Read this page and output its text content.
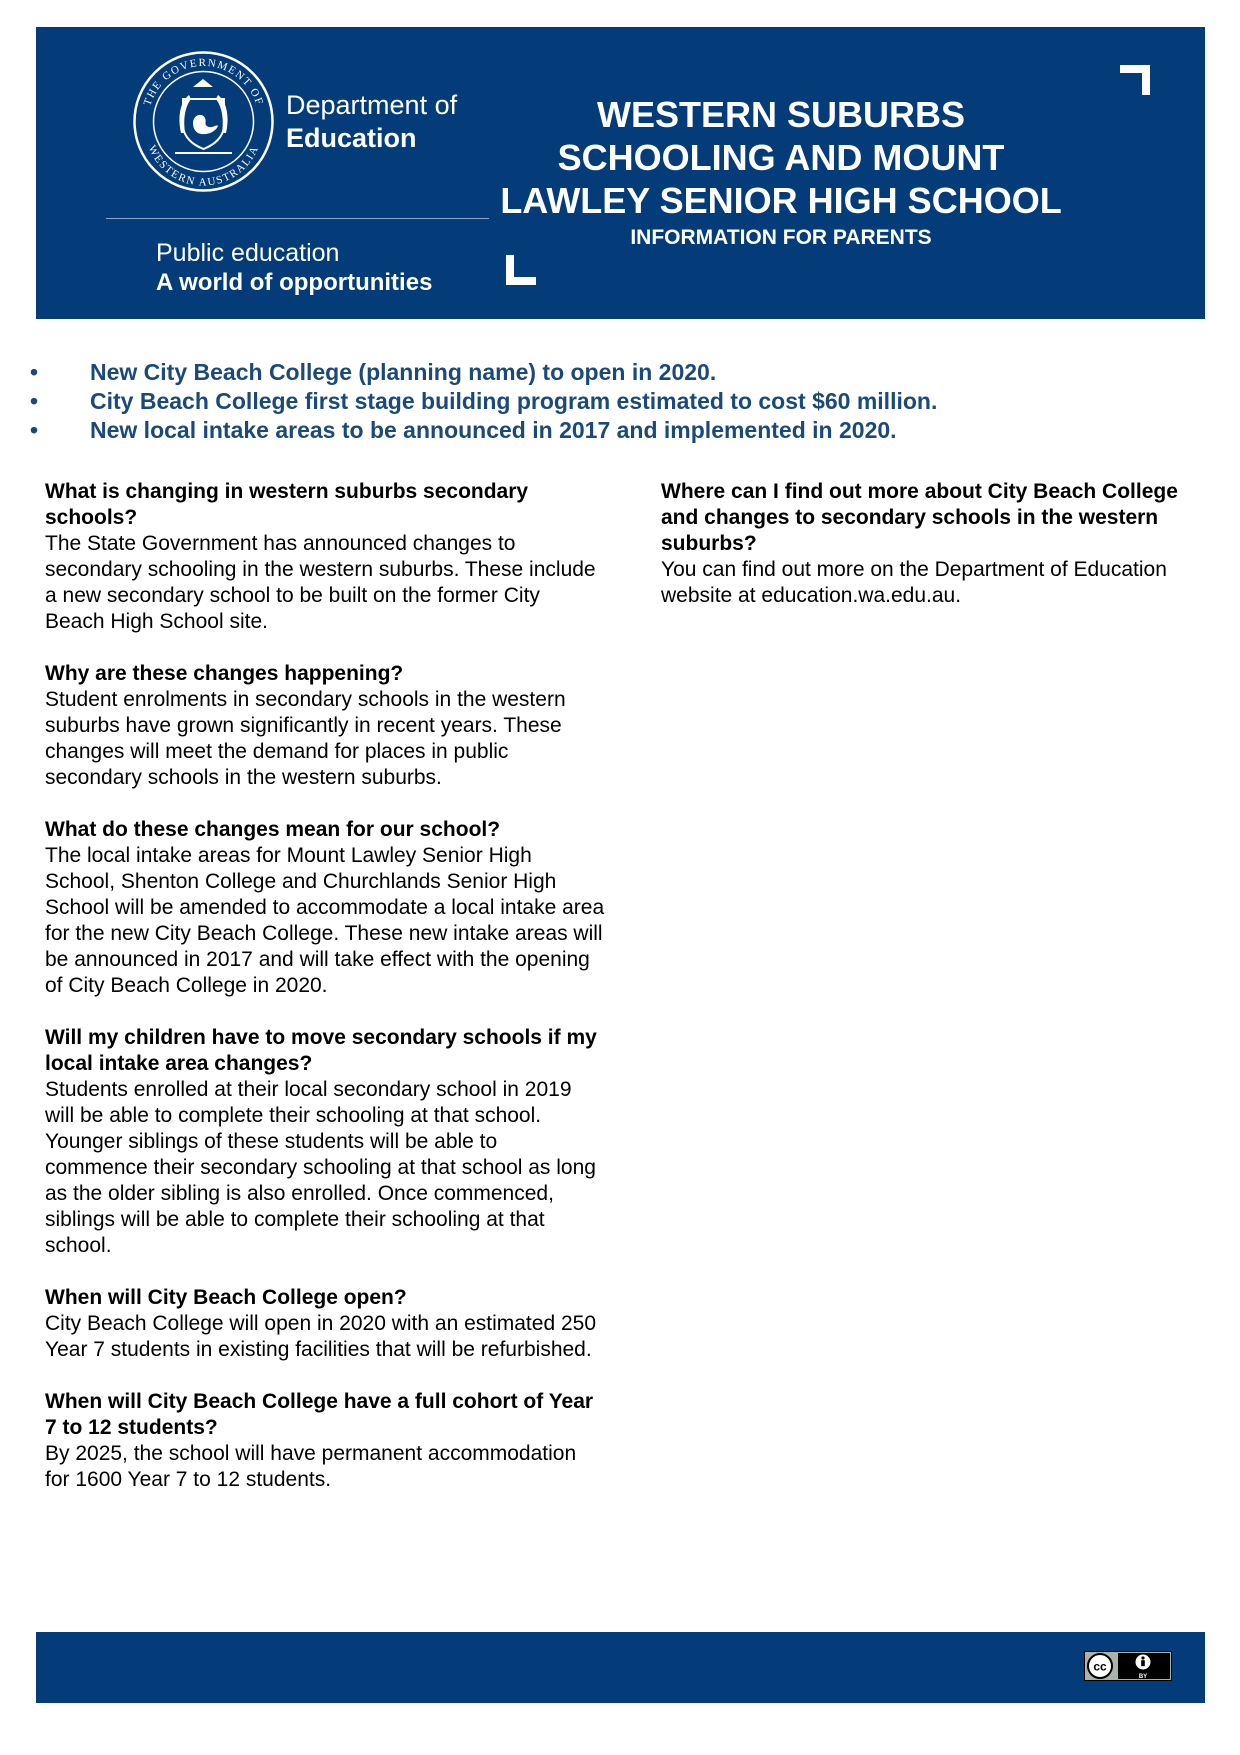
THE GOVERNMENT OF
WESTERN AUSTRALIA
Department of
Education
Public education
A world of opportunities
WESTERN SUBURBS
SCHOOLING AND MOUNT
LAWLEY SENIOR HIGH SCHOOL
INFORMATION FOR PARENTS
•	New City Beach College (planning name) to open in 2020.
•	City Beach College first stage building program estimated to cost $60 million.
•	New local intake areas to be announced in 2017 and implemented in 2020.
What is changing in western suburbs secondary schools?
The State Government has announced changes to secondary schooling in the western suburbs. These include a new secondary school to be built on the former City Beach High School site.
Why are these changes happening?
Student enrolments in secondary schools in the western suburbs have grown significantly in recent years. These changes will meet the demand for places in public secondary schools in the western suburbs.
What do these changes mean for our school?
The local intake areas for Mount Lawley Senior High School, Shenton College and Churchlands Senior High School will be amended to accommodate a local intake area for the new City Beach College. These new intake areas will be announced in 2017 and will take effect with the opening of City Beach College in 2020.
Will my children have to move secondary schools if my local intake area changes?
Students enrolled at their local secondary school in 2019 will be able to complete their schooling at that school. Younger siblings of these students will be able to commence their secondary schooling at that school as long as the older sibling is also enrolled. Once commenced, siblings will be able to complete their schooling at that school.
When will City Beach College open?
City Beach College will open in 2020 with an estimated 250 Year 7 students in existing facilities that will be refurbished.
When will City Beach College have a full cohort of Year 7 to 12 students?
By 2025, the school will have permanent accommodation for 1600 Year 7 to 12 students.
Where can I find out more about City Beach College and changes to secondary schools in the western suburbs?
You can find out more on the Department of Education website at education.wa.edu.au.
cc
BY
